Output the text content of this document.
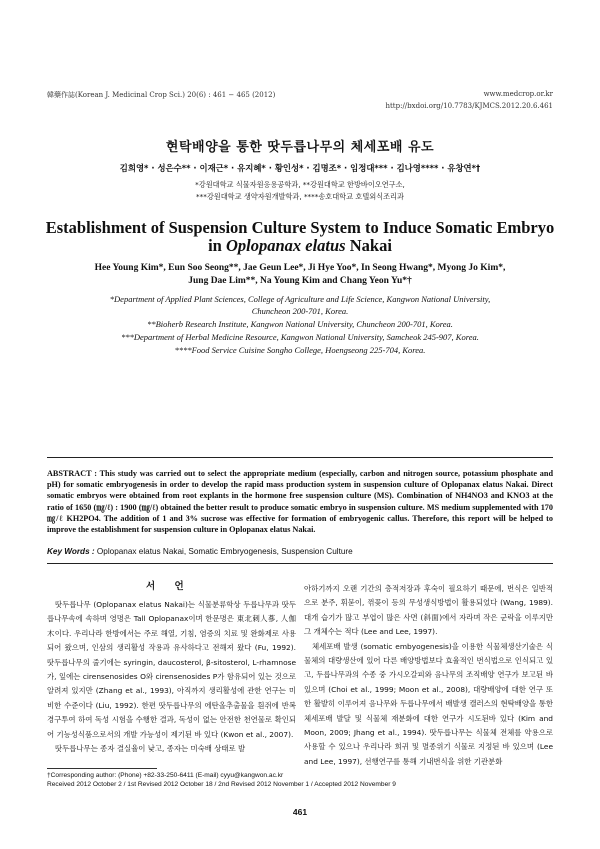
韓藥作誌(Korean J. Medicinal Crop Sci.) 20(6) : 461 − 465 (2012)	www.medcrop.or.kr
http://bxdoi.org/10.7783/KJMCS.2012.20.6.461
현탁배양을 통한 땃두릅나무의 체세포배 유도
김희영* · 성은수** · 이재근* · 유지혜* · 황인성* · 김명조* · 임정대*** · 김나영**** · 유창연*†
*강원대학교 식물자원응용공학과, **강원대학교 한방바이오연구소,
***강원대학교 생약자원개발학과, ****송호대학교 호텔외식조리과
Establishment of Suspension Culture System to Induce Somatic Embryo
in Oplopanax elatus Nakai
Hee Young Kim*, Eun Soo Seong**, Jae Geun Lee*, Ji Hye Yoo*, In Seong Hwang*, Myong Jo Kim*,
Jung Dae Lim**, Na Young Kim and Chang Yeon Yu*†
*Department of Applied Plant Sciences, College of Agriculture and Life Science, Kangwon National University,
Chuncheon 200-701, Korea.
**Bioherb Research Institute, Kangwon National University, Chuncheon 200-701, Korea.
***Department of Herbal Medicine Resource, Kangwon National University, Samcheok 245-907, Korea.
****Food Service Cuisine Songho College, Hoengseong 225-704, Korea.
ABSTRACT : This study was carried out to select the appropriate medium (especially, carbon and nitrogen source, potassium phosphate and pH) for somatic embryogenesis in order to develop the rapid mass production system in suspension culture of Oplopanax elatus Nakai. Direct somatic embryos were obtained from root explants in the hormone free suspension culture (MS). Combination of NH4NO3 and KNO3 at the ratio of 1650 (㎎/ℓ) : 1900 (㎎/ℓ) obtained the better result to produce somatic embryo in suspension culture. MS medium supplemented with 170 ㎎/ℓ KH2PO4. The addition of 1 and 3% sucrose was effective for formation of embryogenic callus. Therefore, this report will be helped to improve the establishment for suspension culture in Oplopanax elatus Nakai.
Key Words : Oplopanax elatus Nakai, Somatic Embryogenesis, Suspension Culture
서 언

땃두릅나무 (Oplopanax elatus Nakai)는 식물분류학상 두릅나무과 땃두릅나무속에 속하며 영명은 Tall Oplopanax이며 한문명은 東北刺人蔘, 人伽木이다. 우리나라 한방에서는 주로 해열, 기침, 염증의 치료 및 완화제로 사용되어 왔으며, 인삼의 생리활성 작용과 유사하다고 전해져 왔다 (Fu, 1992). 땃두릅나무의 줄기에는 syringin, daucosterol, β-sitosterol, L-rhamnose가, 잎에는 cirensenosides O와 cirensenosides P가 함유되어 있는 것으로 알려져 있지만 (Zhang et al., 1993), 아직까지 생리활성에 관한 연구는 미비한 수준이다 (Liu, 1992). 한편 땃두릅나무의 에탄올추출물을 흰쥐에 반복경구투여 하여 독성 시험을 수행한 결과, 독성이 없는 안전한 천연물로 확인되어 기능성식품으로서의 개발 가능성이 제기된 바 있다 (Kwon et al., 2007).

땃두릅나무는 종자 결실율이 낮고, 종자는 미숙배 상태로 발

아하기까지 오랜 기간의 층적저장과 후숙이 필요하기 때문에, 번식은 일반적으로 분주, 휘묻이, 꺾꽂이 등의 무성생식방법이 활용되었다 (Wang, 1989). 대개 습기가 많고 부엽이 많은 사면 (斜面)에서 자라며 작은 군락을 이루지만 그 개체수는 적다 (Lee and Lee, 1997).

체세포배 발생 (somatic embyogenesis)을 이용한 식물체생산기술은 식물체의 대량생산에 있어 다른 배양방법보다 효율적인 번식법으로 인식되고 있고, 두릅나무과의 수종 중 가시오갈피와 음나무의 조직배양 연구가 보고된 바 있으며 (Choi et al., 1999; Moon et al., 2008), 대량배양에 대한 연구 또한 활발히 이루어져 음나무와 두릅나무에서 배발생 캘러스의 현탁배양을 통한 체세포배 발달 및 식물체 재분화에 대한 연구가 시도된바 있다 (Kim and Moon, 2009; Jhang et al., 1994). 땃두릅나무는 식물체 전체를 약용으로 사용할 수 있으나 우리나라 희귀 및 멸종위기 식물로 지정된 바 있으며 (Lee and Lee, 1997), 선행연구를 통해 기내번식을 위한 기관분화

†Corresponding author: (Phone) +82-33-250-6411 (E-mail) cyyu@kangwon.ac.kr
Received 2012 October 2 / 1st Revised 2012 October 18 / 2nd Revised 2012 November 1 / Accepted 2012 November 9
461
